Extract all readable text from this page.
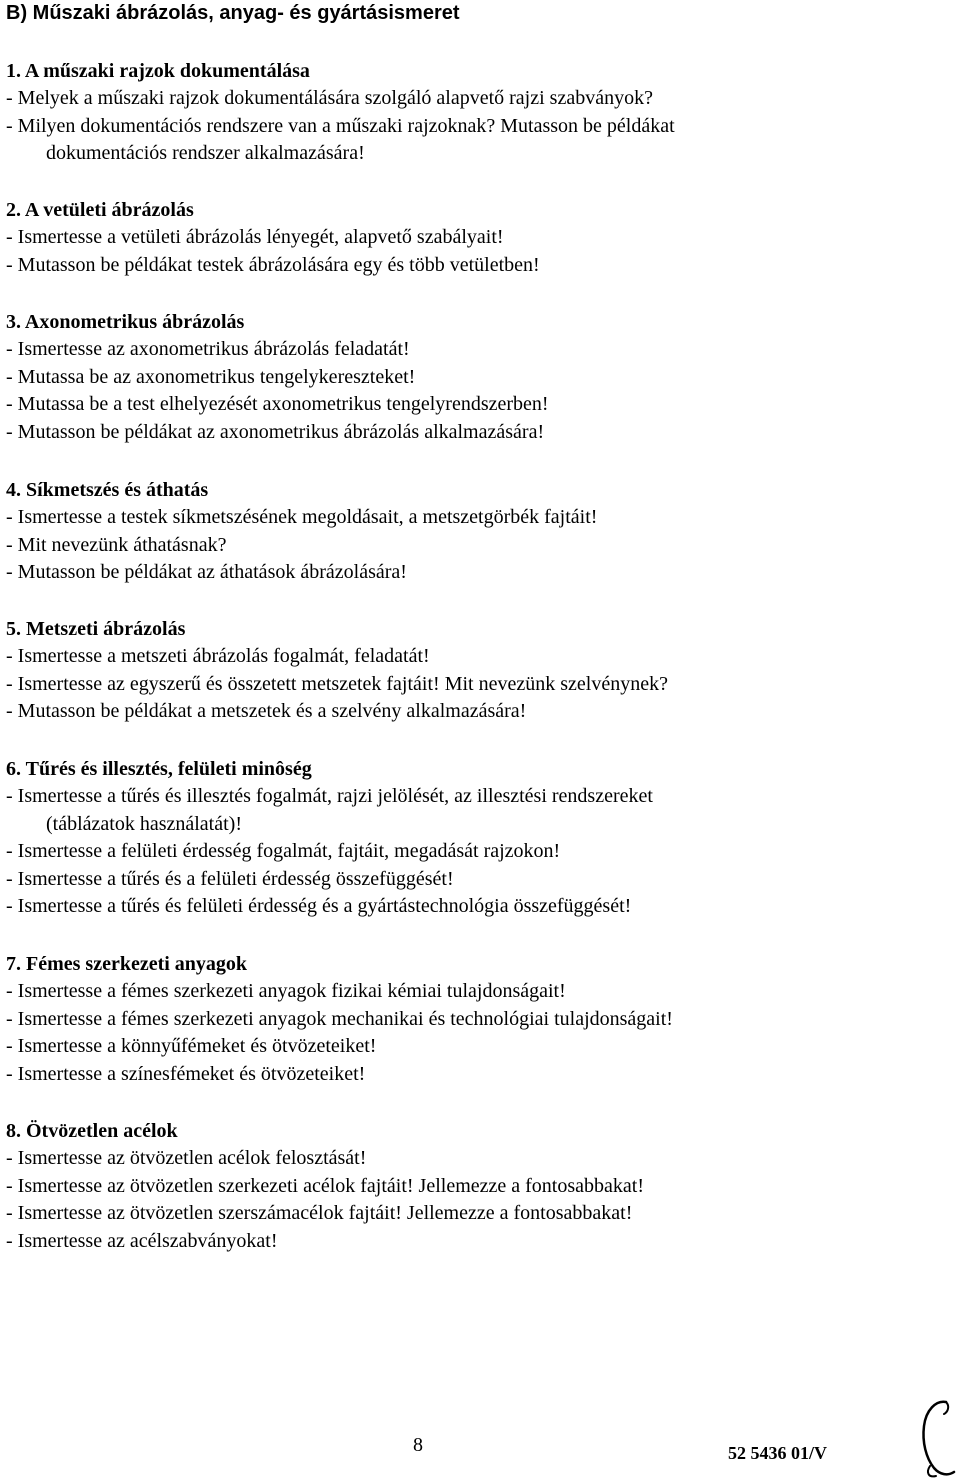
B) Műszaki ábrázolás, anyag- és gyártásismeret
1. A műszaki rajzok dokumentálása
- Melyek a műszaki rajzok dokumentálására szolgáló alapvető rajzi szabványok?
- Milyen dokumentációs rendszere van a műszaki rajzoknak? Mutasson be példákat
dokumentációs rendszer alkalmazására!
2. A vetületi ábrázolás
- Ismertesse a vetületi ábrázolás lényegét, alapvető szabályait!
- Mutasson be példákat testek ábrázolására egy és több vetületben!
3. Axonometrikus ábrázolás
- Ismertesse az axonometrikus ábrázolás feladatát!
- Mutassa be az axonometrikus tengelykereszteket!
- Mutassa be a test elhelyezését axonometrikus tengelyrendszerben!
- Mutasson be példákat az axonometrikus ábrázolás alkalmazására!
4. Síkmetszés és áthatás
- Ismertesse a testek síkmetszésének megoldásait, a metszetgörbék fajtáit!
- Mit nevezünk áthatásnak?
- Mutasson be példákat az áthatások ábrázolására!
5. Metszeti ábrázolás
- Ismertesse a metszeti ábrázolás fogalmát, feladatát!
- Ismertesse az egyszerű és összetett metszetek fajtáit! Mit nevezünk szelvénynek?
- Mutasson be példákat a metszetek és a szelvény alkalmazására!
6. Tűrés és illesztés, felületi minôség
- Ismertesse a tűrés és illesztés fogalmát, rajzi jelölését, az illesztési rendszereket
(táblázatok használatát)!
- Ismertesse a felületi érdesség fogalmát, fajtáit, megadását rajzokon!
- Ismertesse a tűrés és a felületi érdesség összefüggését!
- Ismertesse a tűrés és felületi érdesség és a gyártástechnológia összefüggését!
7. Fémes szerkezeti anyagok
- Ismertesse a fémes szerkezeti anyagok fizikai kémiai tulajdonságait!
- Ismertesse a fémes szerkezeti anyagok mechanikai és technológiai tulajdonságait!
- Ismertesse a könnyűfémeket és ötvözeteiket!
- Ismertesse a színesfémeket és ötvözeteiket!
8. Ötvözetlen acélok
- Ismertesse az ötvözetlen acélok felosztását!
- Ismertesse az ötvözetlen szerkezeti acélok fajtáit! Jellemezze a fontosabbakat!
- Ismertesse az ötvözetlen szerszámacélok fajtáit! Jellemezze a fontosabbakat!
- Ismertesse az acélszabványokat!
8	52 5436 01/V
